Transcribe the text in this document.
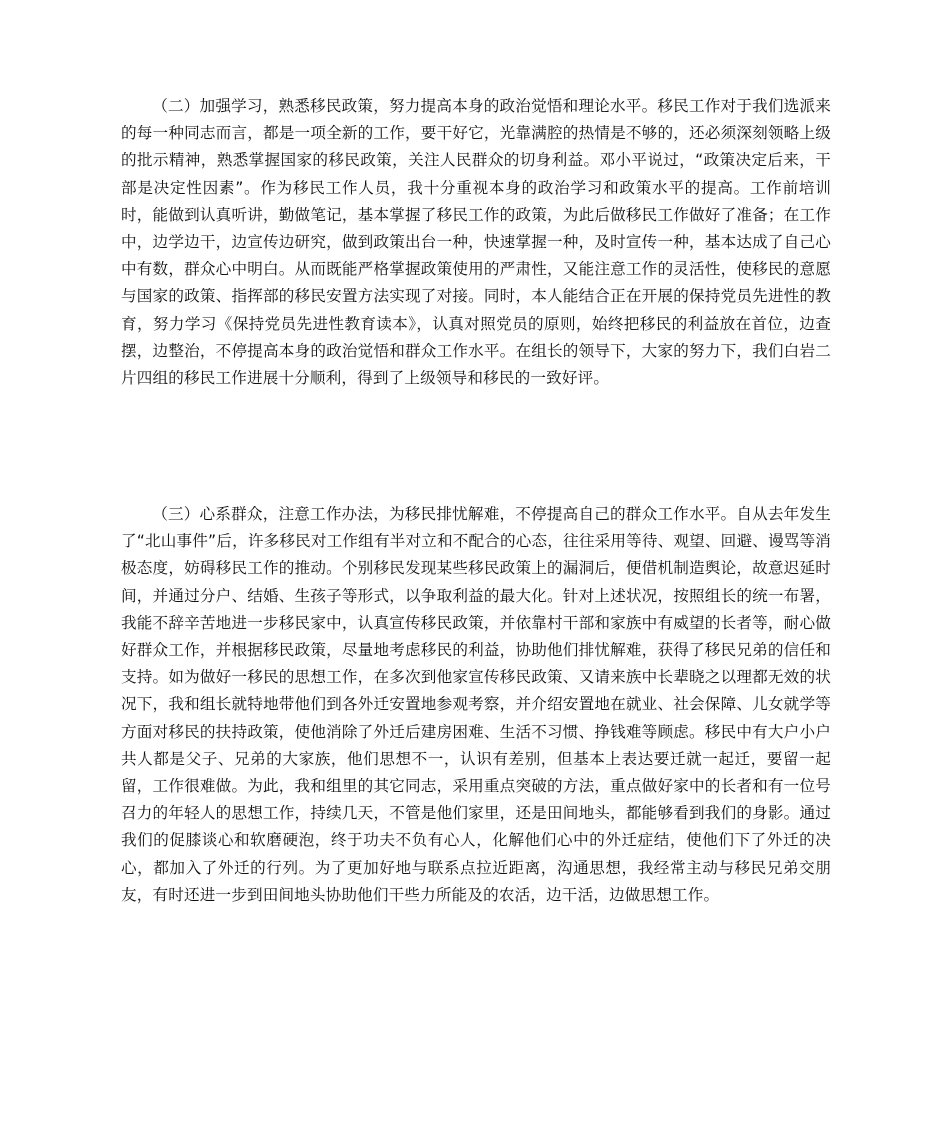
（二）加强学习，熟悉移民政策，努力提高本身的政治觉悟和理论水平。移民工作对于我们选派来的每一种同志而言，都是一项全新的工作，要干好它，光靠满腔的热情是不够的，还必须深刻领略上级的批示精神，熟悉掌握国家的移民政策，关注人民群众的切身利益。邓小平说过，“政策决定后来，干部是决定性因素”。作为移民工作人员，我十分重视本身的政治学习和政策水平的提高。工作前培训时，能做到认真听讲，勤做笔记，基本掌握了移民工作的政策，为此后做移民工作做好了准备；在工作中，边学边干，边宣传边研究，做到政策出台一种，快速掌握一种，及时宣传一种，基本达成了自己心中有数，群众心中明白。从而既能严格掌握政策使用的严肃性，又能注意工作的灵活性，使移民的意愿与国家的政策、指挥部的移民安置方法实现了对接。同时，本人能结合正在开展的保持党员先进性的教育，努力学习《保持党员先进性教育读本》，认真对照党员的原则，始终把移民的利益放在首位，边查摆，边整治，不停提高本身的政治觉悟和群众工作水平。在组长的领导下，大家的努力下，我们白岩二片四组的移民工作进展十分顺利，得到了上级领导和移民的一致好评。

（三）心系群众，注意工作办法，为移民排忧解难，不停提高自己的群众工作水平。自从去年发生了“北山事件”后，许多移民对工作组有半对立和不配合的心态，往往采用等待、观望、回避、谩骂等消极态度，妨碍移民工作的推动。个别移民发现某些移民政策上的漏洞后，便借机制造舆论，故意迟延时间，并通过分户、结婚、生孩子等形式，以争取利益的最大化。针对上述状况，按照组长的统一布署，我能不辞辛苦地进一步移民家中，认真宣传移民政策，并依靠村干部和家族中有威望的长者等，耐心做好群众工作，并根据移民政策，尽量地考虑移民的利益，协助他们排忧解难，获得了移民兄弟的信任和支持。如为做好一移民的思想工作，在多次到他家宣传移民政策、又请来族中长辈晓之以理都无效的状况下，我和组长就特地带他们到各外迁安置地参观考察，并介绍安置地在就业、社会保障、儿女就学等方面对移民的扶持政策，使他消除了外迁后建房困难、生活不习惯、挣钱难等顾虑。移民中有大户小户共人都是父子、兄弟的大家族，他们思想不一，认识有差别，但基本上表达要迁就一起迁，要留一起留，工作很难做。为此，我和组里的其它同志，采用重点突破的方法，重点做好家中的长者和有一位号召力的年轻人的思想工作，持续几天，不管是他们家里，还是田间地头，都能够看到我们的身影。通过我们的促膝谈心和软磨硬泡，终于功夫不负有心人，化解他们心中的外迁症结，使他们下了外迁的决心，都加入了外迁的行列。为了更加好地与联系点拉近距离，沟通思想，我经常主动与移民兄弟交朋友，有时还进一步到田间地头协助他们干些力所能及的农活，边干活，边做思想工作。
